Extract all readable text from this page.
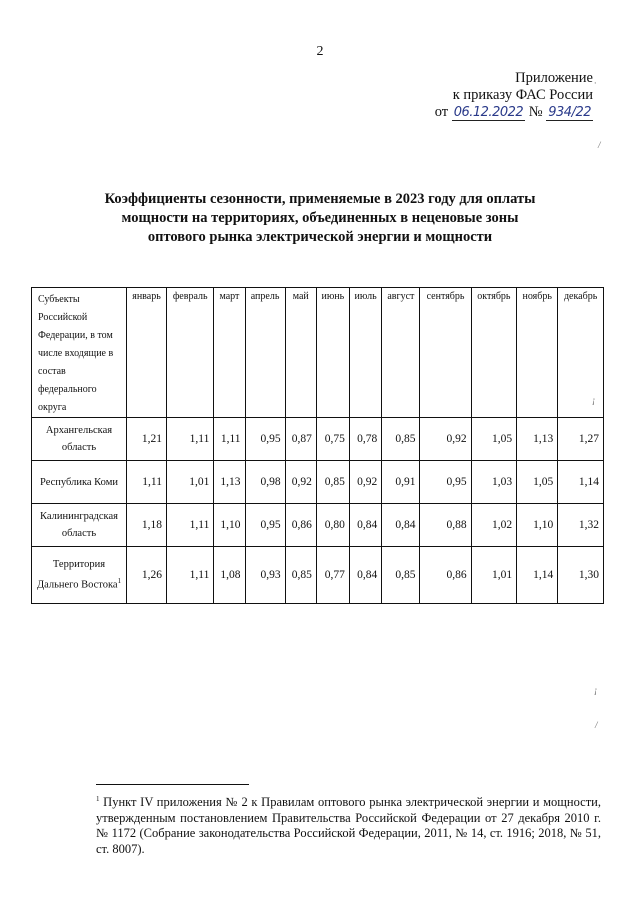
2
Приложение
к приказу ФАС России
от 06.12.2022 № 934/22
Коэффициенты сезонности, применяемые в 2023 году для оплаты
мощности на территориях, объединенных в неценовые зоны
оптового рынка электрической энергии и мощности
Субъекты Российской Федерации, в том числе входящие в состав федерального округа	январь	февраль	март	апрель	май	июнь	июль	август	сентябрь	октябрь	ноябрь	декабрь
Архангельская область	1,21	1,11	1,11	0,95	0,87	0,75	0,78	0,85	0,92	1,05	1,13	1,27
Республика Коми	1,11	1,01	1,13	0,98	0,92	0,85	0,92	0,91	0,95	1,03	1,05	1,14
Калининградская область	1,18	1,11	1,10	0,95	0,86	0,80	0,84	0,84	0,88	1,02	1,10	1,32
Территория Дальнего Востока$^1$	1,26	1,11	1,08	0,93	0,85	0,77	0,84	0,85	0,86	1,01	1,14	1,30
·
/
¡
¡
/
$^1$ Пункт IV приложения № 2 к Правилам оптового рынка электрической энергии и мощности, утвержденным постановлением Правительства Российской Федерации от 27 декабря 2010 г. № 1172 (Собрание законодательства Российской Федерации, 2011, № 14, ст. 1916; 2018, № 51, ст. 8007).
